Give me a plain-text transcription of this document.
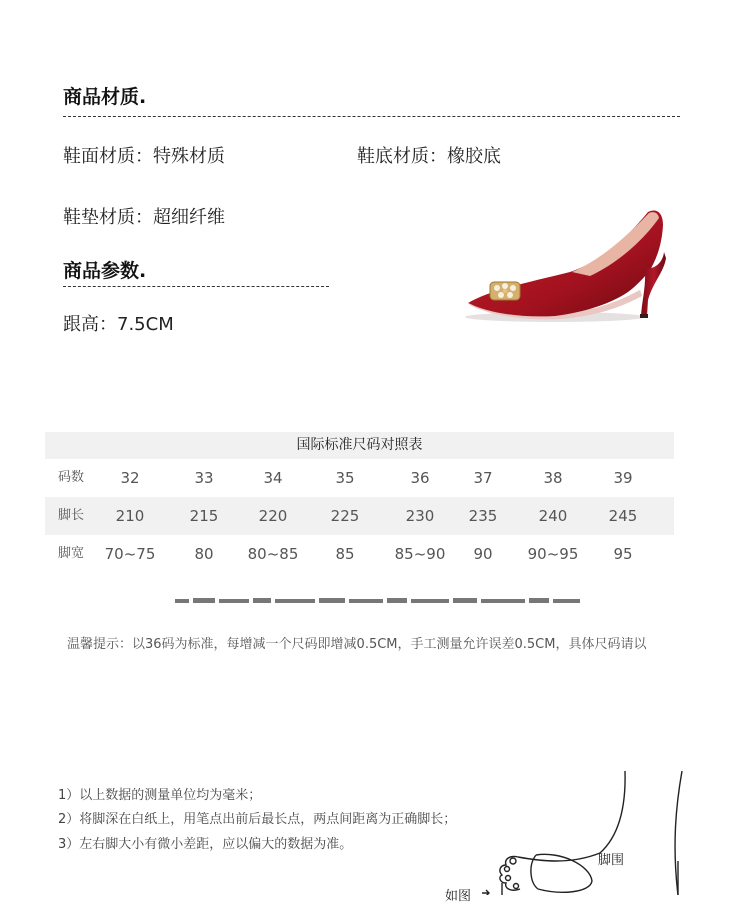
商品材质.
鞋面材质：特殊材质	鞋底材质：橡胶底
鞋垫材质：超细纤维
商品参数.
跟高：7.5CM
国际标准尺码对照表
码数	32	33	34	35	36	37	38	39
脚长	210	215	220	225	230	235	240	245
脚宽	70~75	80	80~85	85	85~90	90	90~95	95
温馨提示：以36码为标准，每增减一个尺码即增减0.5CM，手工测量允许误差0.5CM，具体尺码请以
1）以上数据的测量单位均为毫米；
2）将脚深在白纸上，用笔点出前后最长点，两点间距离为正确脚长；
3）左右脚大小有微小差距，应以偏大的数据为准。
脚围
如图
